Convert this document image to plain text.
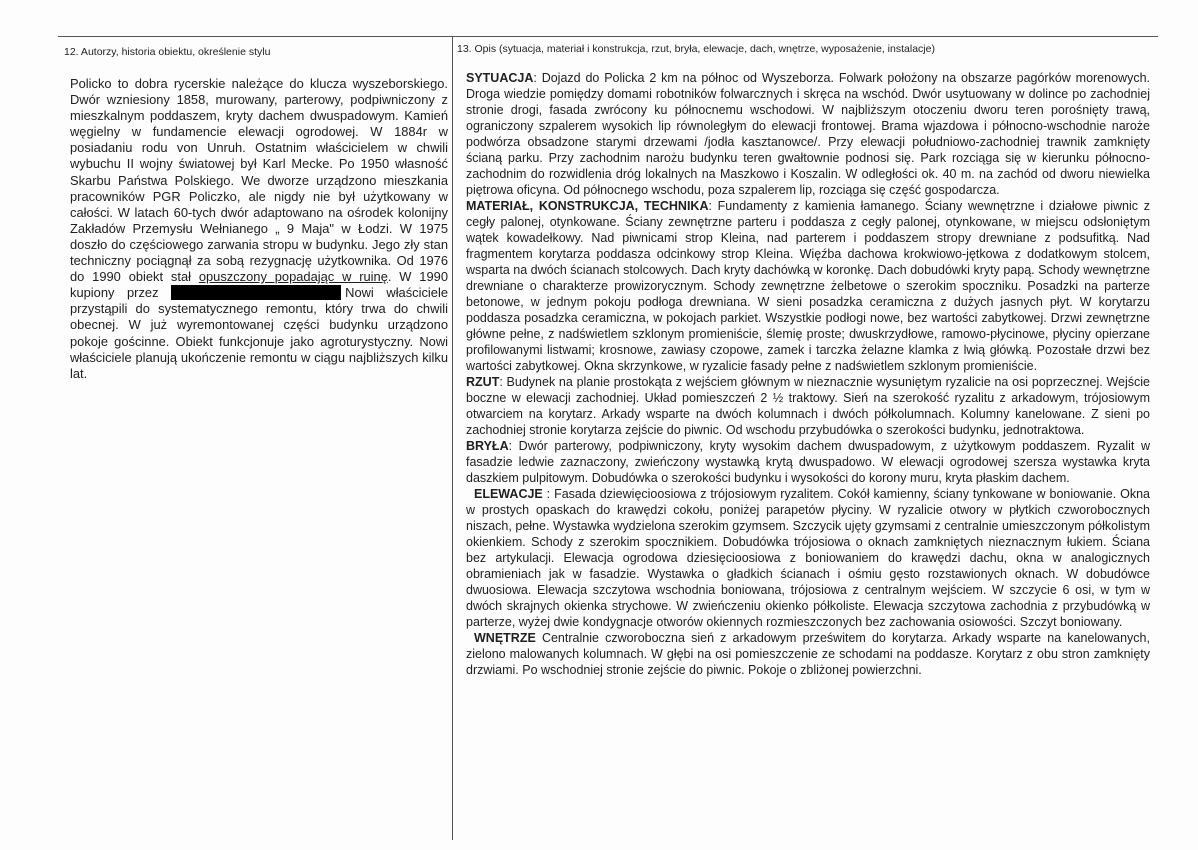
12. Autorzy, historia obiektu, określenie stylu	13. Opis (sytuacja, materiał i konstrukcja, rzut, bryła, elewacje, dach, wnętrze, wyposażenie, instalacje)
Policko to dobra rycerskie należące do klucza wyszeborskiego. Dwór wzniesiony 1858, murowany, parterowy, podpiwniczony z mieszkalnym poddaszem, kryty dachem dwuspadowym. Kamień węgielny w fundamencie elewacji ogrodowej. W 1884r w posiadaniu rodu von Unruh. Ostatnim właścicielem w chwili wybuchu II wojny światowej był Karl Mecke. Po 1950 własność Skarbu Państwa Polskiego. We dworze urządzono mieszkania pracowników PGR Policzko, ale nigdy nie był użytkowany w całości. W latach 60-tych dwór adaptowano na ośrodek kolonijny Zakładów Przemysłu Wełnianego „ 9 Maja" w Łodzi. W 1975 doszło do częściowego zarwania stropu w budynku. Jego zły stan techniczny pociągnął za sobą rezygnację użytkownika. Od 1976 do 1990 obiekt stał opuszczony popadając w ruinę. W 1990 kupiony przez	Nowi właściciele przystąpili do systematycznego remontu, który trwa do chwili obecnej. W już wyremontowanej części budynku urządzono pokoje gościnne. Obiekt funkcjonuje jako agroturystyczny. Nowi właściciele planują ukończenie remontu w ciągu najbliższych kilku lat.

SYTUACJA: Dojazd do Policka 2 km na północ od Wyszeborza. Folwark położony na obszarze pagórków morenowych. Droga wiedzie pomiędzy domami robotników folwarcznych i skręca na wschód. Dwór usytuowany w dolince po zachodniej stronie drogi, fasada zwrócony ku północnemu wschodowi. W najbliższym otoczeniu dworu teren porośnięty trawą, ograniczony szpalerem wysokich lip równoległym do elewacji frontowej. Brama wjazdowa i północno-wschodnie naroże podwórza obsadzone starymi drzewami /jodła kasztanowce/. Przy elewacji południowo-zachodniej trawnik zamknięty ścianą parku. Przy zachodnim narożu budynku teren gwałtownie podnosi się. Park rozciąga się w kierunku północno-zachodnim do rozwidlenia dróg lokalnych na Maszkowo i Koszalin. W odległości ok. 40 m. na zachód od dworu niewielka piętrowa oficyna. Od północnego wschodu, poza szpalerem lip, rozciąga się część gospodarcza.

MATERIAŁ, KONSTRUKCJA, TECHNIKA: Fundamenty z kamienia łamanego. Ściany wewnętrzne i działowe piwnic z cegły palonej, otynkowane. Ściany zewnętrzne parteru i poddasza z cegły palonej, otynkowane, w miejscu odsłoniętym wątek kowadełkowy. Nad piwnicami strop Kleina, nad parterem i poddaszem stropy drewniane z podsufitką. Nad fragmentem korytarza poddasza odcinkowy strop Kleina. Więźba dachowa krokwiowo-jętkowa z dodatkowym stolcem, wsparta na dwóch ścianach stolcowych. Dach kryty dachówką w koronkę. Dach dobudówki kryty papą. Schody wewnętrzne drewniane o charakterze prowizorycznym. Schody zewnętrzne żelbetowe o szerokim spoczniku. Posadzki na parterze betonowe, w jednym pokoju podłoga drewniana. W sieni posadzka ceramiczna z dużych jasnych płyt. W korytarzu poddasza posadzka ceramiczna, w pokojach parkiet. Wszystkie podłogi nowe, bez wartości zabytkowej. Drzwi zewnętrzne główne pełne, z nadświetlem szklonym promieniście, ślemię proste; dwuskrzydłowe, ramowo-płycinowe, płyciny opierzane profilowanymi listwami; krosnowe, zawiasy czopowe, zamek i tarczka żelazne klamka z lwią główką. Pozostałe drzwi bez wartości zabytkowej. Okna skrzynkowe, w ryzalicie fasady pełne z nadświetlem szklonym promieniście.

RZUT: Budynek na planie prostokąta z wejściem głównym w nieznacznie wysuniętym ryzalicie na osi poprzecznej. Wejście boczne w elewacji zachodniej. Układ pomieszczeń 2 ½ traktowy. Sień na szerokość ryzalitu z arkadowym, trójosiowym otwarciem na korytarz. Arkady wsparte na dwóch kolumnach i dwóch półkolumnach. Kolumny kanelowane. Z sieni po zachodniej stronie korytarza zejście do piwnic. Od wschodu przybudówka o szerokości budynku, jednotraktowa.

BRYŁA: Dwór parterowy, podpiwniczony, kryty wysokim dachem dwuspadowym, z użytkowym poddaszem. Ryzalit w fasadzie ledwie zaznaczony, zwieńczony wystawką krytą dwuspadowo. W elewacji ogrodowej szersza wystawka kryta daszkiem pulpitowym. Dobudówka o szerokości budynku i wysokości do korony muru, kryta płaskim dachem.

ELEWACJE : Fasada dziewięcioosiowa z trójosiowym ryzalitem. Cokół kamienny, ściany tynkowane w boniowanie. Okna w prostych opaskach do krawędzi cokołu, poniżej parapetów płyciny. W ryzalicie otwory w płytkich czworobocznych niszach, pełne. Wystawka wydzielona szerokim gzymsem. Szczycik ujęty gzymsami z centralnie umieszczonym półkolistym okienkiem. Schody z szerokim spocznikiem. Dobudówka trójosiowa o oknach zamkniętych nieznacznym łukiem. Ściana bez artykulacji. Elewacja ogrodowa dziesięcioosiowa z boniowaniem do krawędzi dachu, okna w analogicznych obramieniach jak w fasadzie. Wystawka o gładkich ścianach i ośmiu gęsto rozstawionych oknach. W dobudówce dwuosiowa. Elewacja szczytowa wschodnia boniowana, trójosiowa z centralnym wejściem. W szczycie 6 osi, w tym w dwóch skrajnych okienka strychowe. W zwieńczeniu okienko półkoliste. Elewacja szczytowa zachodnia z przybudówką w parterze, wyżej dwie kondygnacje otworów okiennych rozmieszczonych bez zachowania osiowości. Szczyt boniowany.

WNĘTRZE Centralnie czworoboczna sień z arkadowym prześwitem do korytarza. Arkady wsparte na kanelowanych, zielono malowanych kolumnach. W głębi na osi pomieszczenie ze schodami na poddasze. Korytarz z obu stron zamknięty drzwiami. Po wschodniej stronie zejście do piwnic. Pokoje o zbliżonej powierzchni.
